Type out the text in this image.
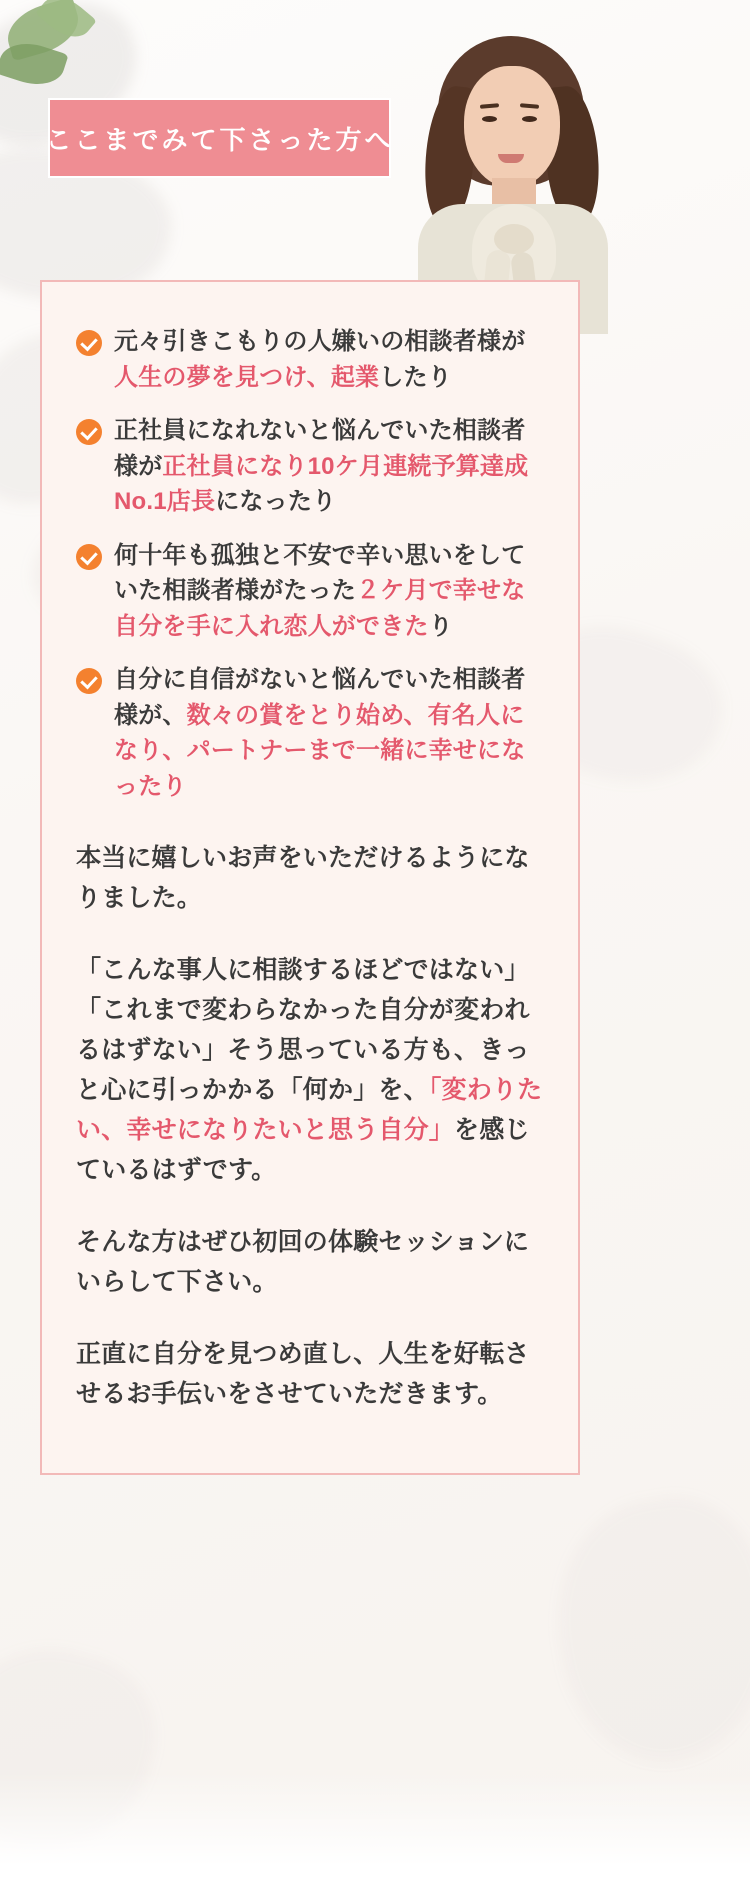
ここまでみて下さった方へ
元々引きこもりの人嫌いの相談者様が人生の夢を見つけ、起業したり
正社員になれないと悩んでいた相談者様が正社員になり10ケ月連続予算達成No.1店長になったり
何十年も孤独と不安で辛い思いをしていた相談者様がたった２ケ月で幸せな自分を手に入れ恋人ができたり
自分に自信がないと悩んでいた相談者様が、数々の賞をとり始め、有名人になり、パートナーまで一緒に幸せになったり

本当に嬉しいお声をいただけるようになりました。

「こんな事人に相談するほどではない」「これまで変わらなかった自分が変われるはずない」そう思っている方も、きっと心に引っかかる「何か」を、「変わりたい、幸せになりたいと思う自分」を感じているはずです。

そんな方はぜひ初回の体験セッションにいらして下さい。

正直に自分を見つめ直し、人生を好転させるお手伝いをさせていただきます。
